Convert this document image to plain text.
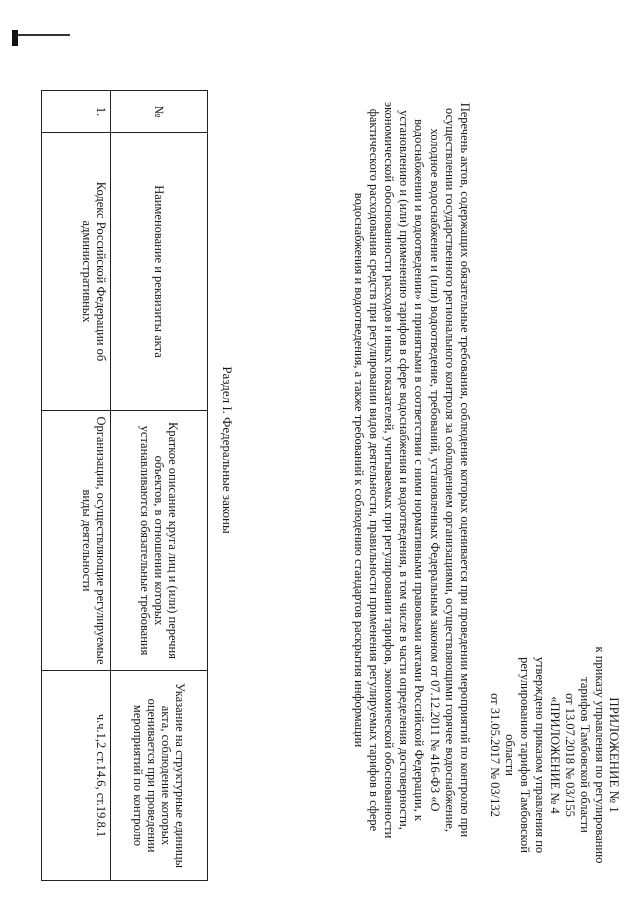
ПРИЛОЖЕНИЕ № 1
к приказу управления по регулированию
тарифов Тамбовской области
от 13.07.2018 № 03/155
«ПРИЛОЖЕНИЕ № 4
утверждено приказом управления по
регулированию тарифов Тамбовской
области
от 31.05.2017 № 03/132
Перечень актов, содержащих обязательные требования, соблюдение которых оценивается при проведении мероприятий по контролю при осуществлении государственного регионального контроля за соблюдением организациями, осуществляющими горячее водоснабжение, холодное водоснабжение и (или) водоотведение, требований, установленных Федеральным законом от 07.12.2011 № 416-ФЗ «О водоснабжении и водоотведении» и принятыми в соответствии с ними нормативными правовыми актами Российской Федерации, к установлению и (или) применению тарифов в сфере водоснабжения и водоотведения, в том числе в части определения достоверности, экономической обоснованности расходов и иных показателей, учитываемых при регулировании тарифов, экономической обоснованности фактического расходования средств при регулировании видов деятельности, правильности применения регулируемых тарифов в сфере водоснабжения и водоотведения, а также требований к соблюдению стандартов раскрытия информации
Раздел I. Федеральные законы
№	Наименование и реквизиты акта	Краткое описание круга лиц и (или) перечня объектов, в отношении которых устанавливаются обязательные требования	Указание на структурные единицы акта, соблюдение которых оценивается при проведении мероприятий по контролю
1.	Кодекс Российской Федерации об административных	Организации, осуществляющие регулируемые виды деятельности	ч.ч.1,2 ст.14.6, ст.19.8.1
